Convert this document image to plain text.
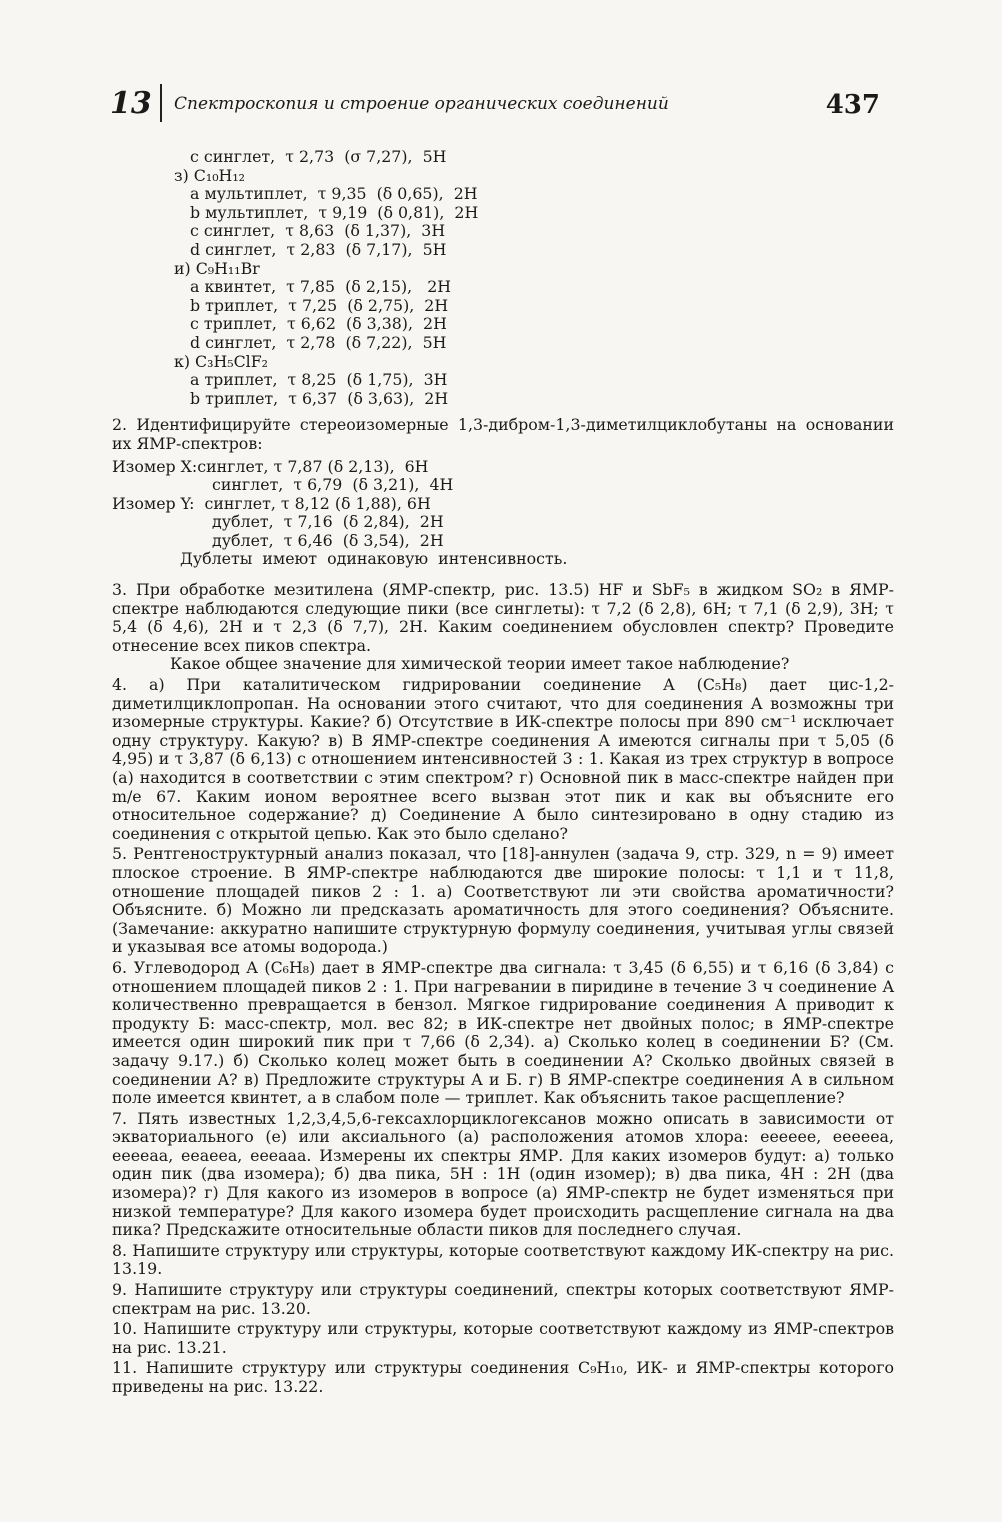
13 Спектроскопия и строение органических соединений	437
c синглет,  τ 2,73  (σ 7,27),  5H
з) C₁₀H₁₂
a мультиплет,  τ 9,35  (δ 0,65),  2H
b мультиплет,  τ 9,19  (δ 0,81),  2H
c синглет,  τ 8,63  (δ 1,37),  3H
d синглет,  τ 2,83  (δ 7,17),  5H
и) C₉H₁₁Br
a квинтет,  τ 7,85  (δ 2,15),   2H
b триплет,  τ 7,25  (δ 2,75),  2H
c триплет,  τ 6,62  (δ 3,38),  2H
d синглет,  τ 2,78  (δ 7,22),  5H
к) C₃H₅ClF₂
a триплет,  τ 8,25  (δ 1,75),  3H
b триплет,  τ 6,37  (δ 3,63),  2H
2. Идентифицируйте стереоизомерные 1,3-дибром-1,3-диметилциклобутаны на основании их ЯМР-спектров:
Изомер X:синглет, τ 7,87 (δ 2,13),  6H
синглет,  τ 6,79  (δ 3,21),  4H
Изомер Y:  синглет, τ 8,12 (δ 1,88), 6H
дублет,  τ 7,16  (δ 2,84),  2H
дублет,  τ 6,46  (δ 3,54),  2H
Дублеты  имеют  одинаковую  интенсивность.
3. При обработке мезитилена (ЯМР-спектр, рис. 13.5) HF и SbF₅ в жидком SO₂ в ЯМР-спектре наблюдаются следующие пики (все синглеты): τ 7,2 (δ 2,8), 6H; τ 7,1 (δ 2,9), 3H; τ 5,4 (δ 4,6), 2H и τ 2,3 (δ 7,7), 2H. Каким соединением обусловлен спектр? Проведите отнесение всех пиков спектра.
Какое общее значение для химической теории имеет такое наблюдение?
4. а) При каталитическом гидрировании соединение A (C₅H₈) дает цис-1,2-диметилциклопропан. На основании этого считают, что для соединения A возможны три изомерные структуры. Какие? б) Отсутствие в ИК-спектре полосы при 890 см⁻¹ исключает одну структуру. Какую? в) В ЯМР-спектре соединения A имеются сигналы при τ 5,05 (δ 4,95) и τ 3,87 (δ 6,13) с отношением интенсивностей 3 : 1. Какая из трех структур в вопросе (а) находится в соответствии с этим спектром? г) Основной пик в масс-спектре найден при m/e 67. Каким ионом вероятнее всего вызван этот пик и как вы объясните его относительное содержание? д) Соединение A было синтезировано в одну стадию из соединения с открытой цепью. Как это было сделано?
5. Рентгеноструктурный анализ показал, что [18]-аннулен (задача 9, стр. 329, n = 9) имеет плоское строение. В ЯМР-спектре наблюдаются две широкие полосы: τ 1,1 и τ 11,8, отношение площадей пиков 2 : 1. а) Соответствуют ли эти свойства ароматичности? Объясните. б) Можно ли предсказать ароматичность для этого соединения? Объясните. (Замечание: аккуратно напишите структурную формулу соединения, учитывая углы связей и указывая все атомы водорода.)
6. Углеводород A (C₆H₈) дает в ЯМР-спектре два сигнала: τ 3,45 (δ 6,55) и τ 6,16 (δ 3,84) с отношением площадей пиков 2 : 1. При нагревании в пиридине в течение 3 ч соединение A количественно превращается в бензол. Мягкое гидрирование соединения A приводит к продукту Б: масс-спектр, мол. вес 82; в ИК-спектре нет двойных полос; в ЯМР-спектре имеется один широкий пик при τ 7,66 (δ 2,34). а) Сколько колец в соединении Б? (См. задачу 9.17.) б) Сколько колец может быть в соединении A? Сколько двойных связей в соединении A? в) Предложите структуры A и Б. г) В ЯМР-спектре соединения A в сильном поле имеется квинтет, а в слабом поле — триплет. Как объяснить такое расщепление?
7. Пять известных 1,2,3,4,5,6-гексахлорциклогексанов можно описать в зависимости от экваториального (e) или аксиального (a) расположения атомов хлора: eeeeee, eeeeea, eeeeaa, eeaeea, eeeaaa. Измерены их спектры ЯМР. Для каких изомеров будут: а) только один пик (два изомера); б) два пика, 5H : 1H (один изомер); в) два пика, 4H : 2H (два изомера)? г) Для какого из изомеров в вопросе (а) ЯМР-спектр не будет изменяться при низкой температуре? Для какого изомера будет происходить расщепление сигнала на два пика? Предскажите относительные области пиков для последнего случая.
8. Напишите структуру или структуры, которые соответствуют каждому ИК-спектру на рис. 13.19.
9. Напишите структуру или структуры соединений, спектры которых соответствуют ЯМР-спектрам на рис. 13.20.
10. Напишите структуру или структуры, которые соответствуют каждому из ЯМР-спектров на рис. 13.21.
11. Напишите структуру или структуры соединения C₉H₁₀, ИК- и ЯМР-спектры которого приведены на рис. 13.22.
